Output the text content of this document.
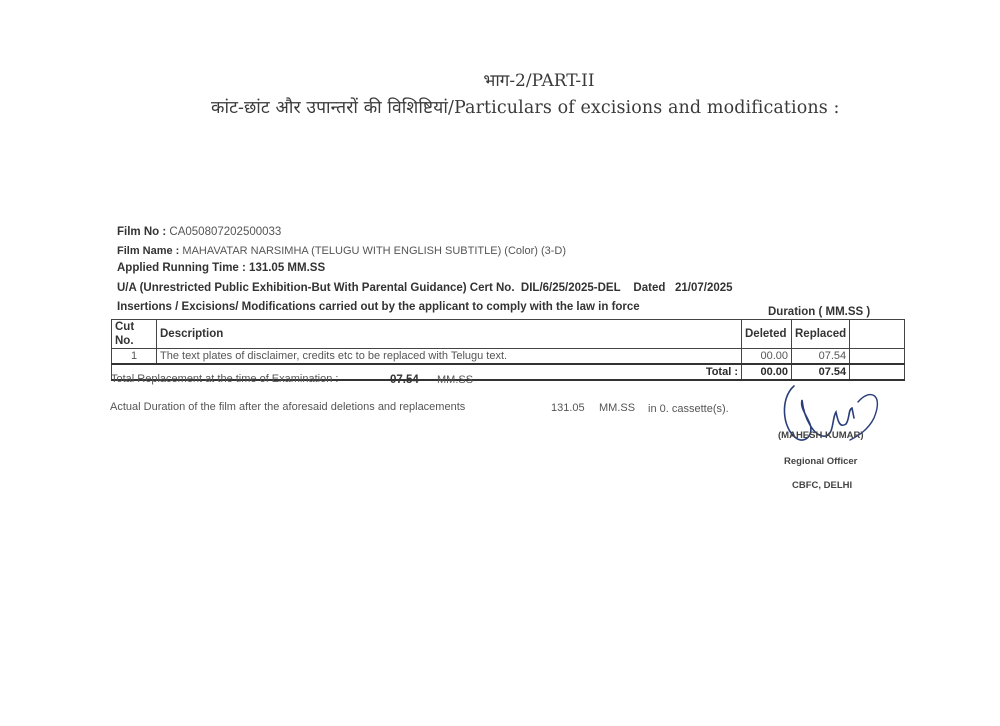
भाग-2/PART-II
कांट-छांट और उपान्तरों की विशिष्टियां/Particulars of excisions and modifications :
Film No : CA050807202500033
Film Name : MAHAVATAR NARSIMHA (TELUGU WITH ENGLISH SUBTITLE) (Color) (3-D)
Applied Running Time : 131.05 MM.SS
U/A (Unrestricted Public Exhibition-But With Parental Guidance) Cert No. DIL/6/25/2025-DEL Dated 21/07/2025
Insertions / Excisions/ Modifications carried out by the applicant to comply with the law in force	Duration ( MM.SS )
Cut No.	Description	Deleted	Replaced	
1	The text plates of disclaimer, credits etc to be replaced with Telugu text.	00.00	07.54	
Total :		00.00	07.54	
Total Replacement at the time of Examination :	07.54 MM.SS
Actual Duration of the film after the aforesaid deletions and replacements	131.05 MM.SS in 0. cassette(s).
(MAHESH KUMAR)
Regional Officer
CBFC, DELHI
